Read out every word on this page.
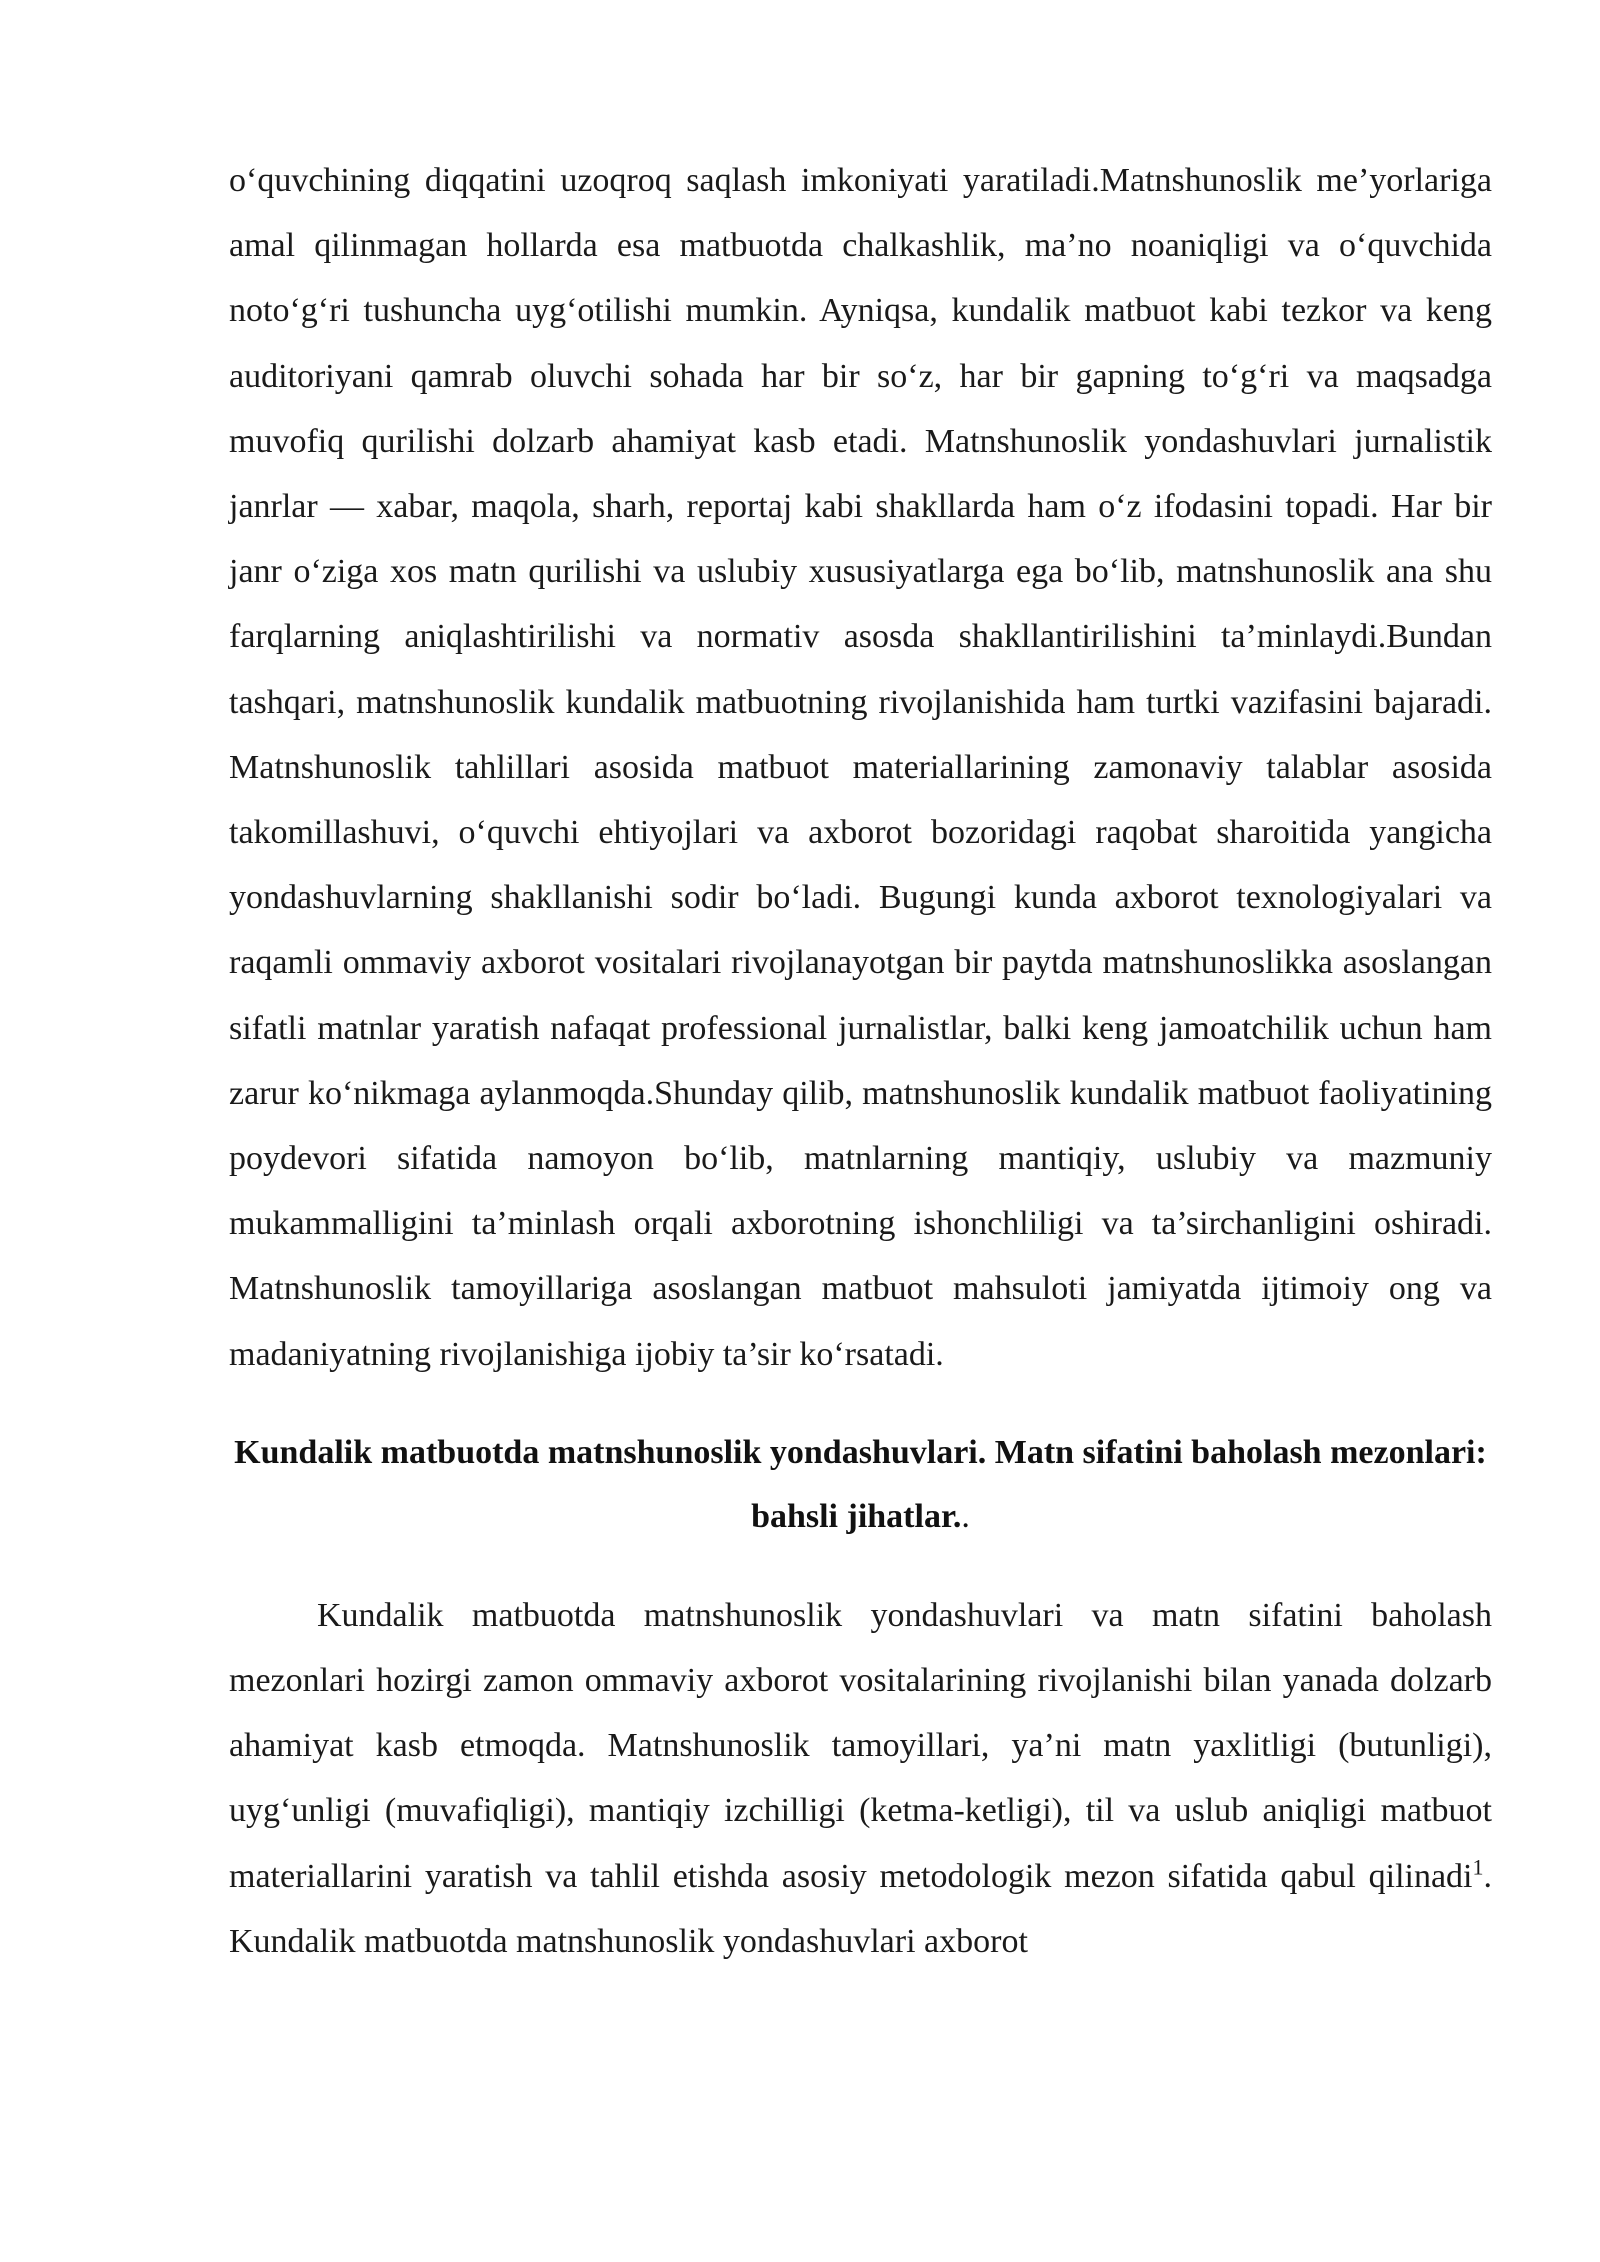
o‘quvchining diqqatini uzoqroq saqlash imkoniyati yaratiladi.Matnshunoslik me’yorlariga amal qilinmagan hollarda esa matbuotda chalkashlik, ma’no noaniqligi va o‘quvchida noto‘g‘ri tushuncha uyg‘otilishi mumkin. Ayniqsa, kundalik matbuot kabi tezkor va keng auditoriyani qamrab oluvchi sohada har bir so‘z, har bir gapning to‘g‘ri va maqsadga muvofiq qurilishi dolzarb ahamiyat kasb etadi. Matnshunoslik yondashuvlari jurnalistik janrlar — xabar, maqola, sharh, reportaj kabi shakllarda ham o‘z ifodasini topadi. Har bir janr o‘ziga xos matn qurilishi va uslubiy xususiyatlarga ega bo‘lib, matnshunoslik ana shu farqlarning aniqlashtirilishi va normativ asosda shakllantirilishini ta’minlaydi.Bundan tashqari, matnshunoslik kundalik matbuotning rivojlanishida ham turtki vazifasini bajaradi. Matnshunoslik tahlillari asosida matbuot materiallarining zamonaviy talablar asosida takomillashuvi, o‘quvchi ehtiyojlari va axborot bozoridagi raqobat sharoitida yangicha yondashuvlarning shakllanishi sodir bo‘ladi. Bugungi kunda axborot texnologiyalari va raqamli ommaviy axborot vositalari rivojlanayotgan bir paytda matnshunoslikka asoslangan sifatli matnlar yaratish nafaqat professional jurnalistlar, balki keng jamoatchilik uchun ham zarur ko‘nikmaga aylanmoqda.Shunday qilib, matnshunoslik kundalik matbuot faoliyatining poydevori sifatida namoyon bo‘lib, matnlarning mantiqiy, uslubiy va mazmuniy mukammalligini ta’minlash orqali axborotning ishonchliligi va ta’sirchanligini oshiradi. Matnshunoslik tamoyillariga asoslangan matbuot mahsuloti jamiyatda ijtimoiy ong va madaniyatning rivojlanishiga ijobiy ta’sir ko‘rsatadi.

Kundalik matbuotda matnshunoslik yondashuvlari. Matn sifatini baholash mezonlari: bahsli jihatlar..

Kundalik matbuotda matnshunoslik yondashuvlari va matn sifatini baholash mezonlari hozirgi zamon ommaviy axborot vositalarining rivojlanishi bilan yanada dolzarb ahamiyat kasb etmoqda. Matnshunoslik tamoyillari, ya’ni matn yaxlitligi (butunligi), uyg‘unligi (muvafiqligi), mantiqiy izchilligi (ketma-ketligi), til va uslub aniqligi matbuot materiallarini yaratish va tahlil etishda asosiy metodologik mezon sifatida qabul qilinadi$^1$. Kundalik matbuotda matnshunoslik yondashuvlari axborot
